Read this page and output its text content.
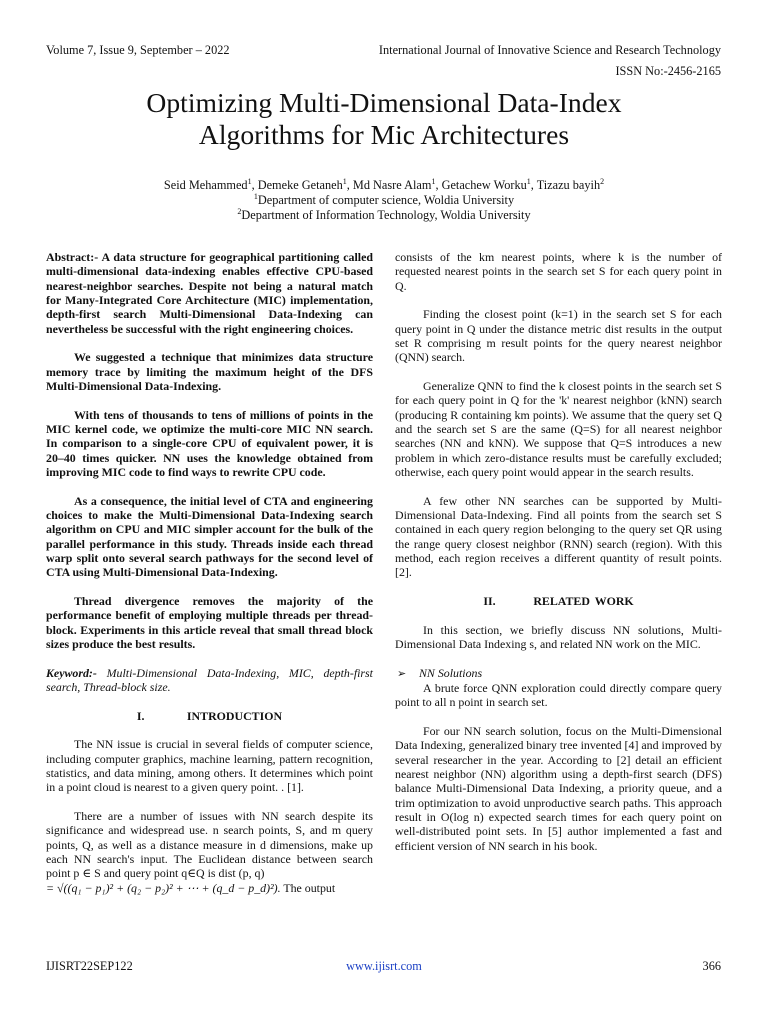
Volume 7, Issue 9, September – 2022	International Journal of Innovative Science and Research Technology
ISSN No:-2456-2165
Optimizing Multi-Dimensional Data-Index
Algorithms for Mic Architectures
Seid Mehammed$^1$, Demeke Getaneh$^1$, Md Nasre Alam$^1$, Getachew Worku$^1$, Tizazu bayih$^2$
$^1$Department of computer science, Woldia University
$^2$Department of Information Technology, Woldia University

Abstract:- A data structure for geographical partitioning called multi-dimensional data-indexing enables effective CPU-based nearest-neighbor searches. Despite not being a natural match for Many-Integrated Core Architecture (MIC) implementation, depth-first search Multi-Dimensional Data-Indexing can nevertheless be successful with the right engineering choices.

We suggested a technique that minimizes data structure memory trace by limiting the maximum height of the DFS Multi-Dimensional Data-Indexing.

With tens of thousands to tens of millions of points in the MIC kernel code, we optimize the multi-core MIC NN search. In comparison to a single-core CPU of equivalent power, it is 20–40 times quicker. NN uses the knowledge obtained from improving MIC code to find ways to rewrite CPU code.

As a consequence, the initial level of CTA and engineering choices to make the Multi-Dimensional Data-Indexing search algorithm on CPU and MIC simpler account for the bulk of the parallel performance in this study. Threads inside each thread warp split onto several search pathways for the second level of CTA using Multi-Dimensional Data-Indexing.

Thread divergence removes the majority of the performance benefit of employing multiple threads per thread-block. Experiments in this article reveal that small thread block sizes produce the best results.

Keyword:- Multi-Dimensional Data-Indexing, MIC, depth-first search, Thread-block size.

I.	INTRODUCTION

The NN issue is crucial in several fields of computer science, including computer graphics, machine learning, pattern recognition, statistics, and data mining, among others. It determines which point in a point cloud is nearest to a given query point. . [1].

There are a number of issues with NN search despite its significance and widespread use. n search points, S, and m query points, Q, as well as a distance measure in d dimensions, make up each NN search's input. The Euclidean distance between search point p ∈ S and query point q∈Q is dist (p, q)

= √((q₁ − p₁)² + (q₂ − p₂)² + ⋯ + (q_d − p_d)²). The output

consists of the km nearest points, where k is the number of requested nearest points in the search set S for each query point in Q.

Finding the closest point (k=1) in the search set S for each query point in Q under the distance metric dist results in the output set R comprising m result points for the query nearest neighbor (QNN) search.

Generalize QNN to find the k closest points in the search set S for each query point in Q for the 'k' nearest neighbor (kNN) search (producing R containing km points). We assume that the query set Q and the search set S are the same (Q=S) for all nearest neighbor searches (NN and kNN). We suppose that Q=S introduces a new problem in which zero-distance results must be carefully excluded; otherwise, each query point would appear in the search results.

A few other NN searches can be supported by Multi-Dimensional Data-Indexing. Find all points from the search set S contained in each query region belonging to the query set QR using the range query closest neighbor (RNN) search (region). With this method, each region receives a different quantity of result points. [2].

II.	RELATED WORK

In this section, we briefly discuss NN solutions, Multi-Dimensional Data Indexing s, and related NN work on the MIC.

➢	NN Solutions

A brute force QNN exploration could directly compare query point to all n point in search set.

For our NN search solution, focus on the Multi-Dimensional Data Indexing, generalized binary tree invented [4] and improved by several researcher in the year. According to [2] detail an efficient nearest neighbor (NN) algorithm using a depth-first search (DFS) balance Multi-Dimensional Data Indexing, a priority queue, and a trim optimization to avoid unproductive search paths. This approach result in O(log n) expected search times for each query point on well-distributed point sets. In [5] author implemented a fast and efficient version of NN search in his book.

IJISRT22SEP122	www.ijisrt.com	366
